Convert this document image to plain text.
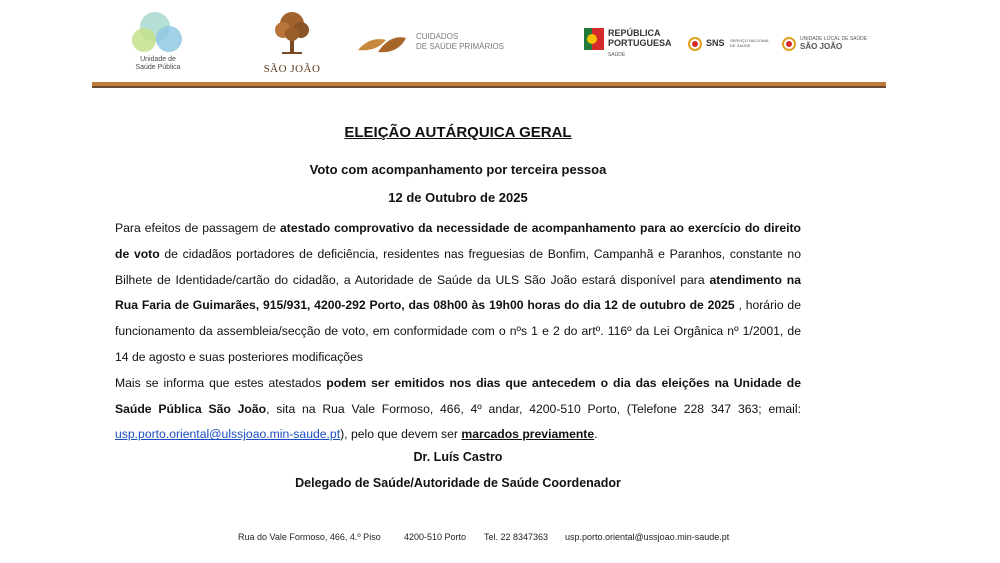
Unidade de
Saúde Pública	SÃO JOÃO
CUIDADOS
DE SAÚDE PRIMÁRIOS
REPÚBLICA
PORTUGUESA
SAÚDE
SNS SERVIÇO NACIONAL DE SAÚDE
UNIDADE LOCAL DE SAÚDE
SÃO JOÃO
ELEIÇÃO AUTÁRQUICA GERAL
Voto com acompanhamento por terceira pessoa
12 de Outubro de 2025

Para efeitos de passagem de atestado comprovativo da necessidade de acompanhamento para ao exercício do direito de voto de cidadãos portadores de deficiência, residentes nas freguesias de Bonfim, Campanhã e Paranhos, constante no Bilhete de Identidade/cartão do cidadão, a Autoridade de Saúde da ULS São João estará disponível para atendimento na Rua Faria de Guimarães, 915/931, 4200-292 Porto, das 08h00 às 19h00 horas do dia 12 de outubro de 2025 , horário de funcionamento da assembleia/secção de voto, em conformidade com o nºs 1 e 2 do artº. 116º da Lei Orgânica nº 1/2001, de 14 de agosto e suas posteriores modificações

Mais se informa que estes atestados podem ser emitidos nos dias que antecedem o dia das eleições na Unidade de Saúde Pública São João, sita na Rua Vale Formoso, 466, 4º andar, 4200-510 Porto, (Telefone 228 347 363; email: usp.porto.oriental@ulssjoao.min-saude.pt), pelo que devem ser marcados previamente.

Dr. Luís Castro
Delegado de Saúde/Autoridade de Saúde Coordenador
Rua do Vale Formoso, 466, 4.º Piso	4200-510 Porto Tel. 22 8347363 usp.porto.oriental@ussjoao.min-saude.pt
